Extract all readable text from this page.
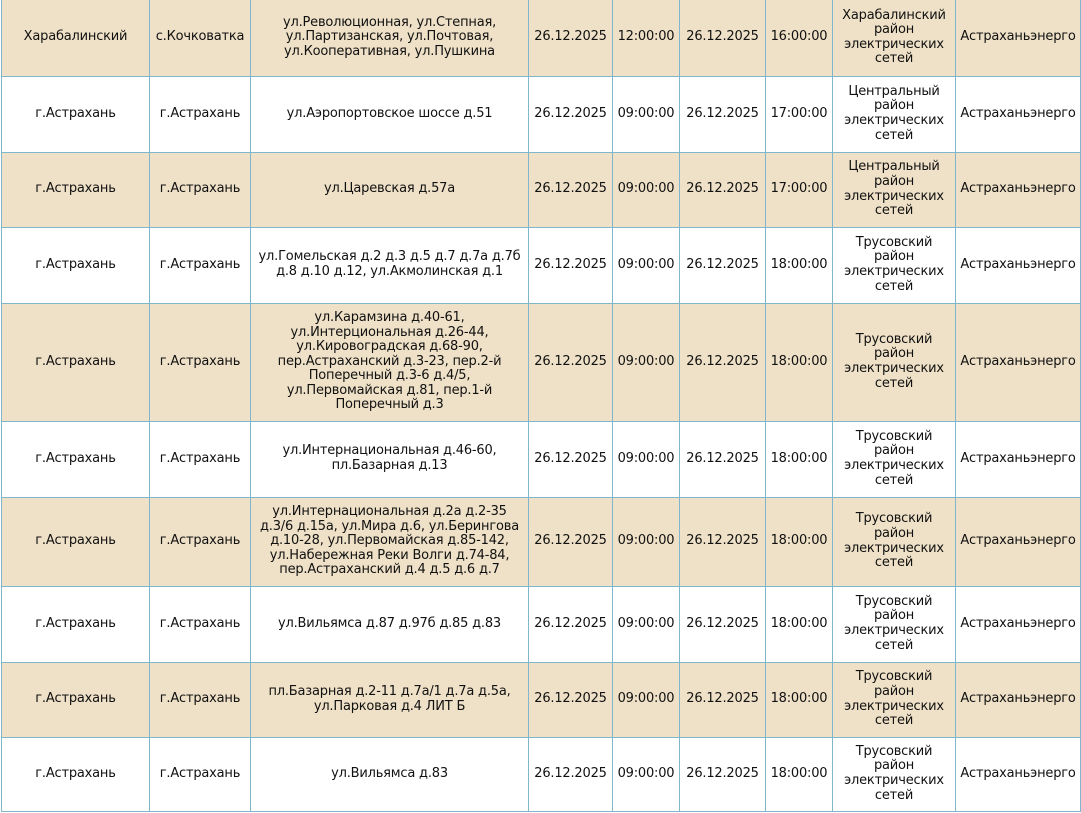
Харабалинский	с.Кочковатка	ул.Революционная, ул.Степная, ул.Партизанская, ул.Почтовая, ул.Кооперативная, ул.Пушкина	26.12.2025	12:00:00	26.12.2025	16:00:00	Харабалинский район электрических сетей	Астраханьэнерго
г.Астрахань	г.Астрахань	ул.Аэропортовское шоссе д.51	26.12.2025	09:00:00	26.12.2025	17:00:00	Центральный район электрических сетей	Астраханьэнерго
г.Астрахань	г.Астрахань	ул.Царевская д.57а	26.12.2025	09:00:00	26.12.2025	17:00:00	Центральный район электрических сетей	Астраханьэнерго
г.Астрахань	г.Астрахань	ул.Гомельская д.2 д.3 д.5 д.7 д.7а д.7б д.8 д.10 д.12, ул.Акмолинская д.1	26.12.2025	09:00:00	26.12.2025	18:00:00	Трусовский район электрических сетей	Астраханьэнерго
г.Астрахань	г.Астрахань	ул.Карамзина д.40-61, ул.Интерциональная д.26-44, ул.Кировоградская д.68-90, пер.Астраханский д.3-23, пер.2-й Поперечный д.3-6 д.4/5, ул.Первомайская д.81, пер.1-й Поперечный д.3	26.12.2025	09:00:00	26.12.2025	18:00:00	Трусовский район электрических сетей	Астраханьэнерго
г.Астрахань	г.Астрахань	ул.Интернациональная д.46-60, пл.Базарная д.13	26.12.2025	09:00:00	26.12.2025	18:00:00	Трусовский район электрических сетей	Астраханьэнерго
г.Астрахань	г.Астрахань	ул.Интернациональная д.2а д.2-35 д.3/6 д.15а, ул.Мира д.6, ул.Берингова д.10-28, ул.Первомайская д.85-142, ул.Набережная Реки Волги д.74-84, пер.Астраханский д.4 д.5 д.6 д.7	26.12.2025	09:00:00	26.12.2025	18:00:00	Трусовский район электрических сетей	Астраханьэнерго
г.Астрахань	г.Астрахань	ул.Вильямса д.87 д.97б д.85 д.83	26.12.2025	09:00:00	26.12.2025	18:00:00	Трусовский район электрических сетей	Астраханьэнерго
г.Астрахань	г.Астрахань	пл.Базарная д.2-11 д.7а/1 д.7а д.5а, ул.Парковая д.4 ЛИТ Б	26.12.2025	09:00:00	26.12.2025	18:00:00	Трусовский район электрических сетей	Астраханьэнерго
г.Астрахань	г.Астрахань	ул.Вильямса д.83	26.12.2025	09:00:00	26.12.2025	18:00:00	Трусовский район электрических сетей	Астраханьэнерго
